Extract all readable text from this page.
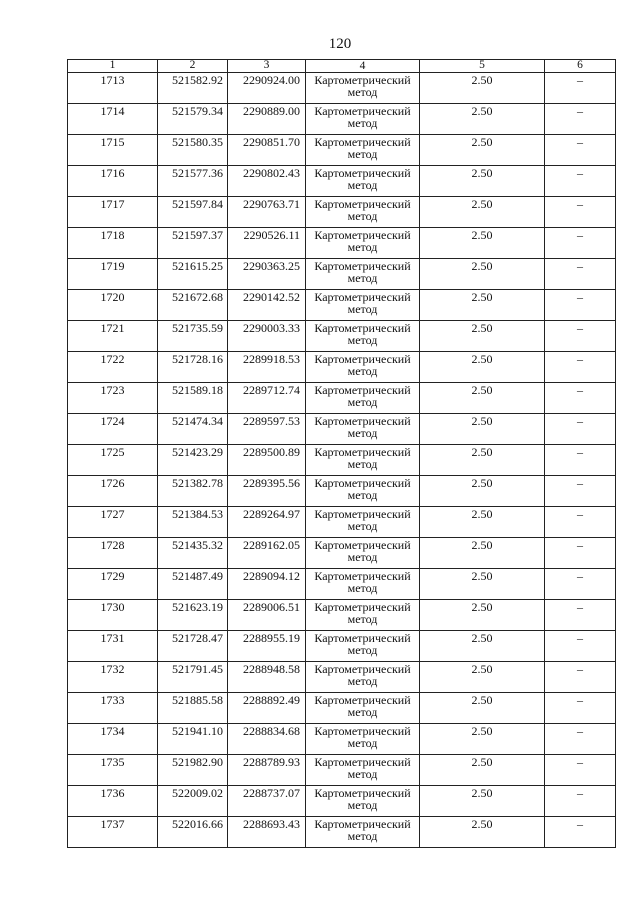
120
1	2	3	4	5	6
1713	521582.92	2290924.00	Картометрический метод	2.50	–
1714	521579.34	2290889.00	Картометрический метод	2.50	–
1715	521580.35	2290851.70	Картометрический метод	2.50	–
1716	521577.36	2290802.43	Картометрический метод	2.50	–
1717	521597.84	2290763.71	Картометрический метод	2.50	–
1718	521597.37	2290526.11	Картометрический метод	2.50	–
1719	521615.25	2290363.25	Картометрический метод	2.50	–
1720	521672.68	2290142.52	Картометрический метод	2.50	–
1721	521735.59	2290003.33	Картометрический метод	2.50	–
1722	521728.16	2289918.53	Картометрический метод	2.50	–
1723	521589.18	2289712.74	Картометрический метод	2.50	–
1724	521474.34	2289597.53	Картометрический метод	2.50	–
1725	521423.29	2289500.89	Картометрический метод	2.50	–
1726	521382.78	2289395.56	Картометрический метод	2.50	–
1727	521384.53	2289264.97	Картометрический метод	2.50	–
1728	521435.32	2289162.05	Картометрический метод	2.50	–
1729	521487.49	2289094.12	Картометрический метод	2.50	–
1730	521623.19	2289006.51	Картометрический метод	2.50	–
1731	521728.47	2288955.19	Картометрический метод	2.50	–
1732	521791.45	2288948.58	Картометрический метод	2.50	–
1733	521885.58	2288892.49	Картометрический метод	2.50	–
1734	521941.10	2288834.68	Картометрический метод	2.50	–
1735	521982.90	2288789.93	Картометрический метод	2.50	–
1736	522009.02	2288737.07	Картометрический метод	2.50	–
1737	522016.66	2288693.43	Картометрический метод	2.50	–
